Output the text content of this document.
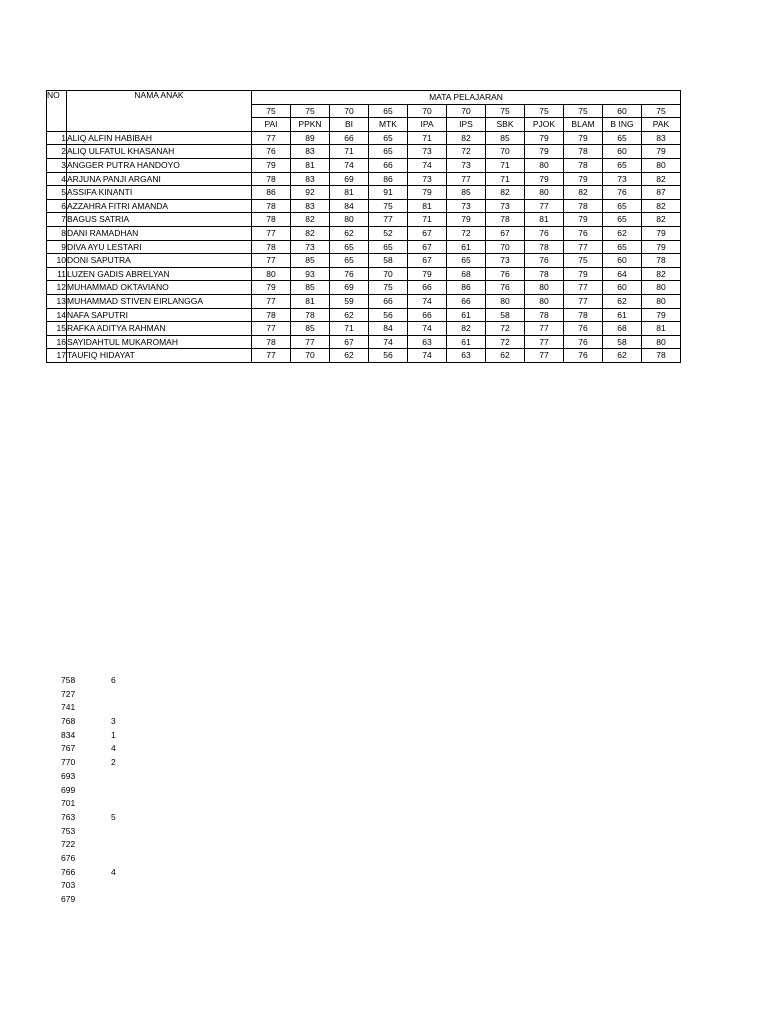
NO	NAMA ANAK	MATA PELAJARAN										
		75	75	70	65	70	70	75	75	75	60	75
		PAI	PPKN	BI	MTK	IPA	IPS	SBK	PJOK	BLAM	B ING	PAK
1	ALIQ ALFIN HABIBAH	77	89	66	65	71	82	85	79	79	65	83
2	ALIQ ULFATUL KHASANAH	76	83	71	65	73	72	70	79	78	60	79
3	ANGGER PUTRA HANDOYO	79	81	74	66	74	73	71	80	78	65	80
4	ARJUNA PANJI ARGANI	78	83	69	86	73	77	71	79	79	73	82
5	ASSIFA KINANTI	86	92	81	91	79	85	82	80	82	76	87
6	AZZAHRA FITRI AMANDA	78	83	84	75	81	73	73	77	78	65	82
7	BAGUS SATRIA	78	82	80	77	71	79	78	81	79	65	82
8	DANI RAMADHAN	77	82	62	52	67	72	67	76	76	62	79
9	DIVA AYU LESTARI	78	73	65	65	67	61	70	78	77	65	79
10	DONI SAPUTRA	77	85	65	58	67	65	73	76	75	60	78
11	LUZEN GADIS ABRELYAN	80	93	76	70	79	68	76	78	79	64	82
12	MUHAMMAD OKTAVIANO	79	85	69	75	66	86	76	80	77	60	80
13	MUHAMMAD STIVEN EIRLANGGA	77	81	59	66	74	66	80	80	77	62	80
14	NAFA SAPUTRI	78	78	62	56	66	61	58	78	78	61	79
15	RAFKA ADITYA RAHMAN	77	85	71	84	74	82	72	77	76	68	81
16	SAYIDAHTUL MUKAROMAH	78	77	67	74	63	61	72	77	76	58	80
17	TAUFIQ HIDAYAT	77	70	62	56	74	63	62	77	76	62	78
758	6
727
741
768	3
834	1
767	4
770	2
693
699
701
763	5
753
722
676
766	4
703
679
